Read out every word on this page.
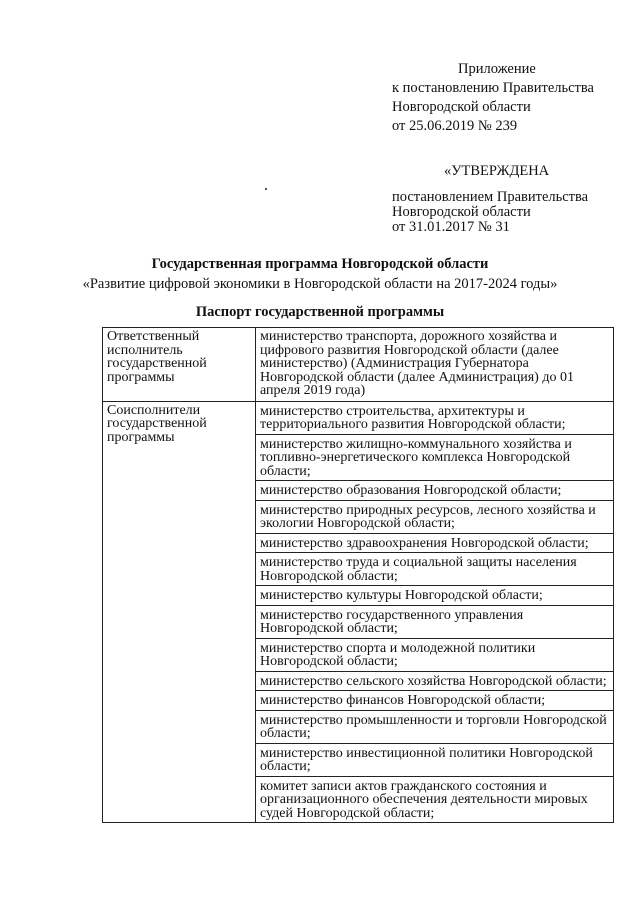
Приложение
к постановлению Правительства
Новгородской области
от 25.06.2019 № 239
«УТВЕРЖДЕНА
постановлением Правительства
Новгородской области
от 31.01.2017 № 31
Государственная программа Новгородской области
«Развитие цифровой экономики в Новгородской области на 2017-2024 годы»
Паспорт государственной программы
Ответственный исполнитель государственной программы	министерство транспорта, дорожного хозяйства и цифрового развития Новгородской области (далее министерство) (Администрация Губернатора Новгородской области (далее Администрация) до 01 апреля 2019 года)
Соисполнители государственной программы	министерство строительства, архитектуры и территориального развития Новгородской области;
	министерство жилищно-коммунального хозяйства и топливно-энергетического комплекса Новгородской области;
	министерство образования Новгородской области;
	министерство природных ресурсов, лесного хозяйства и экологии Новгородской области;
	министерство здравоохранения Новгородской области;
	министерство труда и социальной защиты населения Новгородской области;
	министерство культуры Новгородской области;
	министерство государственного управления Новгородской области;
	министерство спорта и молодежной политики Новгородской области;
	министерство сельского хозяйства Новгородской области;
	министерство финансов Новгородской области;
	министерство промышленности и торговли Новгородской области;
	министерство инвестиционной политики Новгородской области;
	комитет записи актов гражданского состояния и организационного обеспечения деятельности мировых судей Новгородской области;
